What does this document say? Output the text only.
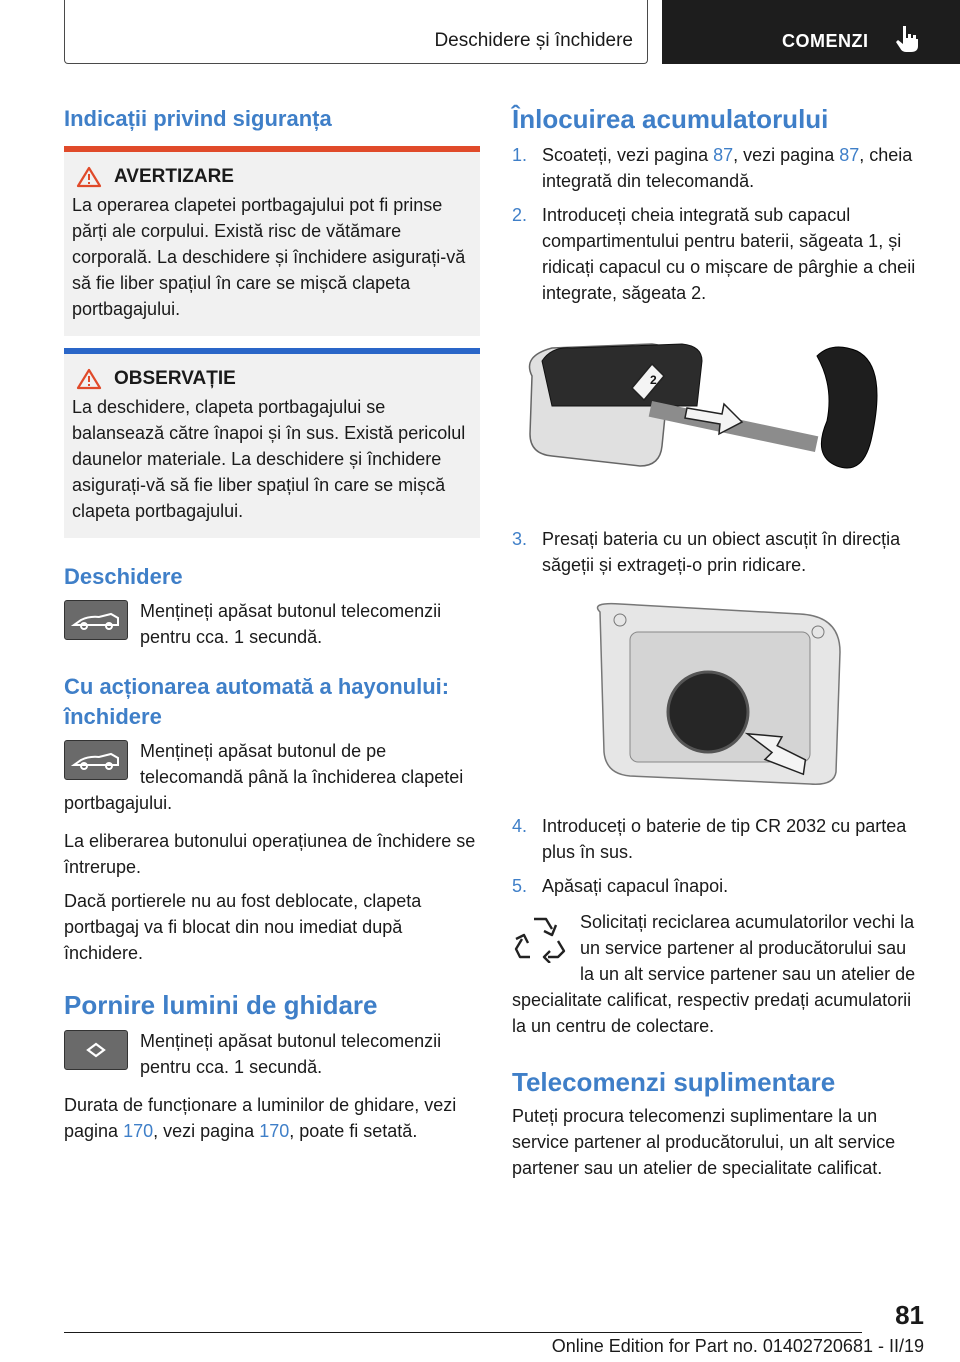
Deschidere și închidere	COMENZI
Indicații privind siguranța
AVERTIZARE

La operarea clapetei portbagajului pot fi prinse părți ale corpului. Există risc de vătămare corporală. La deschidere și închidere asigurați-vă să fie liber spațiul în care se mișcă clapeta portbagajului.

OBSERVAȚIE

La deschidere, clapeta portbagajului se balansează către înapoi și în sus. Există pericolul daunelor materiale. La deschidere și închidere asigurați-vă să fie liber spațiul în care se mișcă clapeta portbagajului.

Deschidere

Mențineți apăsat butonul telecomenzii pentru cca. 1 secundă.

Cu acționarea automată a hayonului: închidere

Mențineți apăsat butonul de pe telecomandă până la închiderea clapetei portbagajului.

La eliberarea butonului operațiunea de închidere se întrerupe.

Dacă portierele nu au fost deblocate, clapeta portbagaj va fi blocat din nou imediat după închidere.

Pornire lumini de ghidare

Mențineți apăsat butonul telecomenzii pentru cca. 1 secundă.

Durata de funcționare a luminilor de ghidare, vezi pagina 170, vezi pagina 170, poate fi setată.

Înlocuirea acumulatorului
1. Scoateți, vezi pagina 87, vezi pagina 87, cheia integrată din telecomandă.
2. Introduceți cheia integrată sub capacul compartimentului pentru baterii, săgeata 1, și ridicați capacul cu o mișcare de pârghie a cheii integrate, săgeata 2.
2
3. Presați bateria cu un obiect ascuțit în direcția săgeții și extrageți-o prin ridicare.
4. Introduceți o baterie de tip CR 2032 cu partea plus în sus.
5. Apăsați capacul înapoi.

Solicitați reciclarea acumulatorilor vechi la un service partener al producătorului sau la un alt service partener sau un atelier de specialitate calificat, respectiv predați acumulatorii la un centru de colectare.

Telecomenzi suplimentare

Puteți procura telecomenzi suplimentare la un service partener al producătorului, un alt service partener sau un atelier de specialitate calificat.

81
Online Edition for Part no. 01402720681 - II/19
